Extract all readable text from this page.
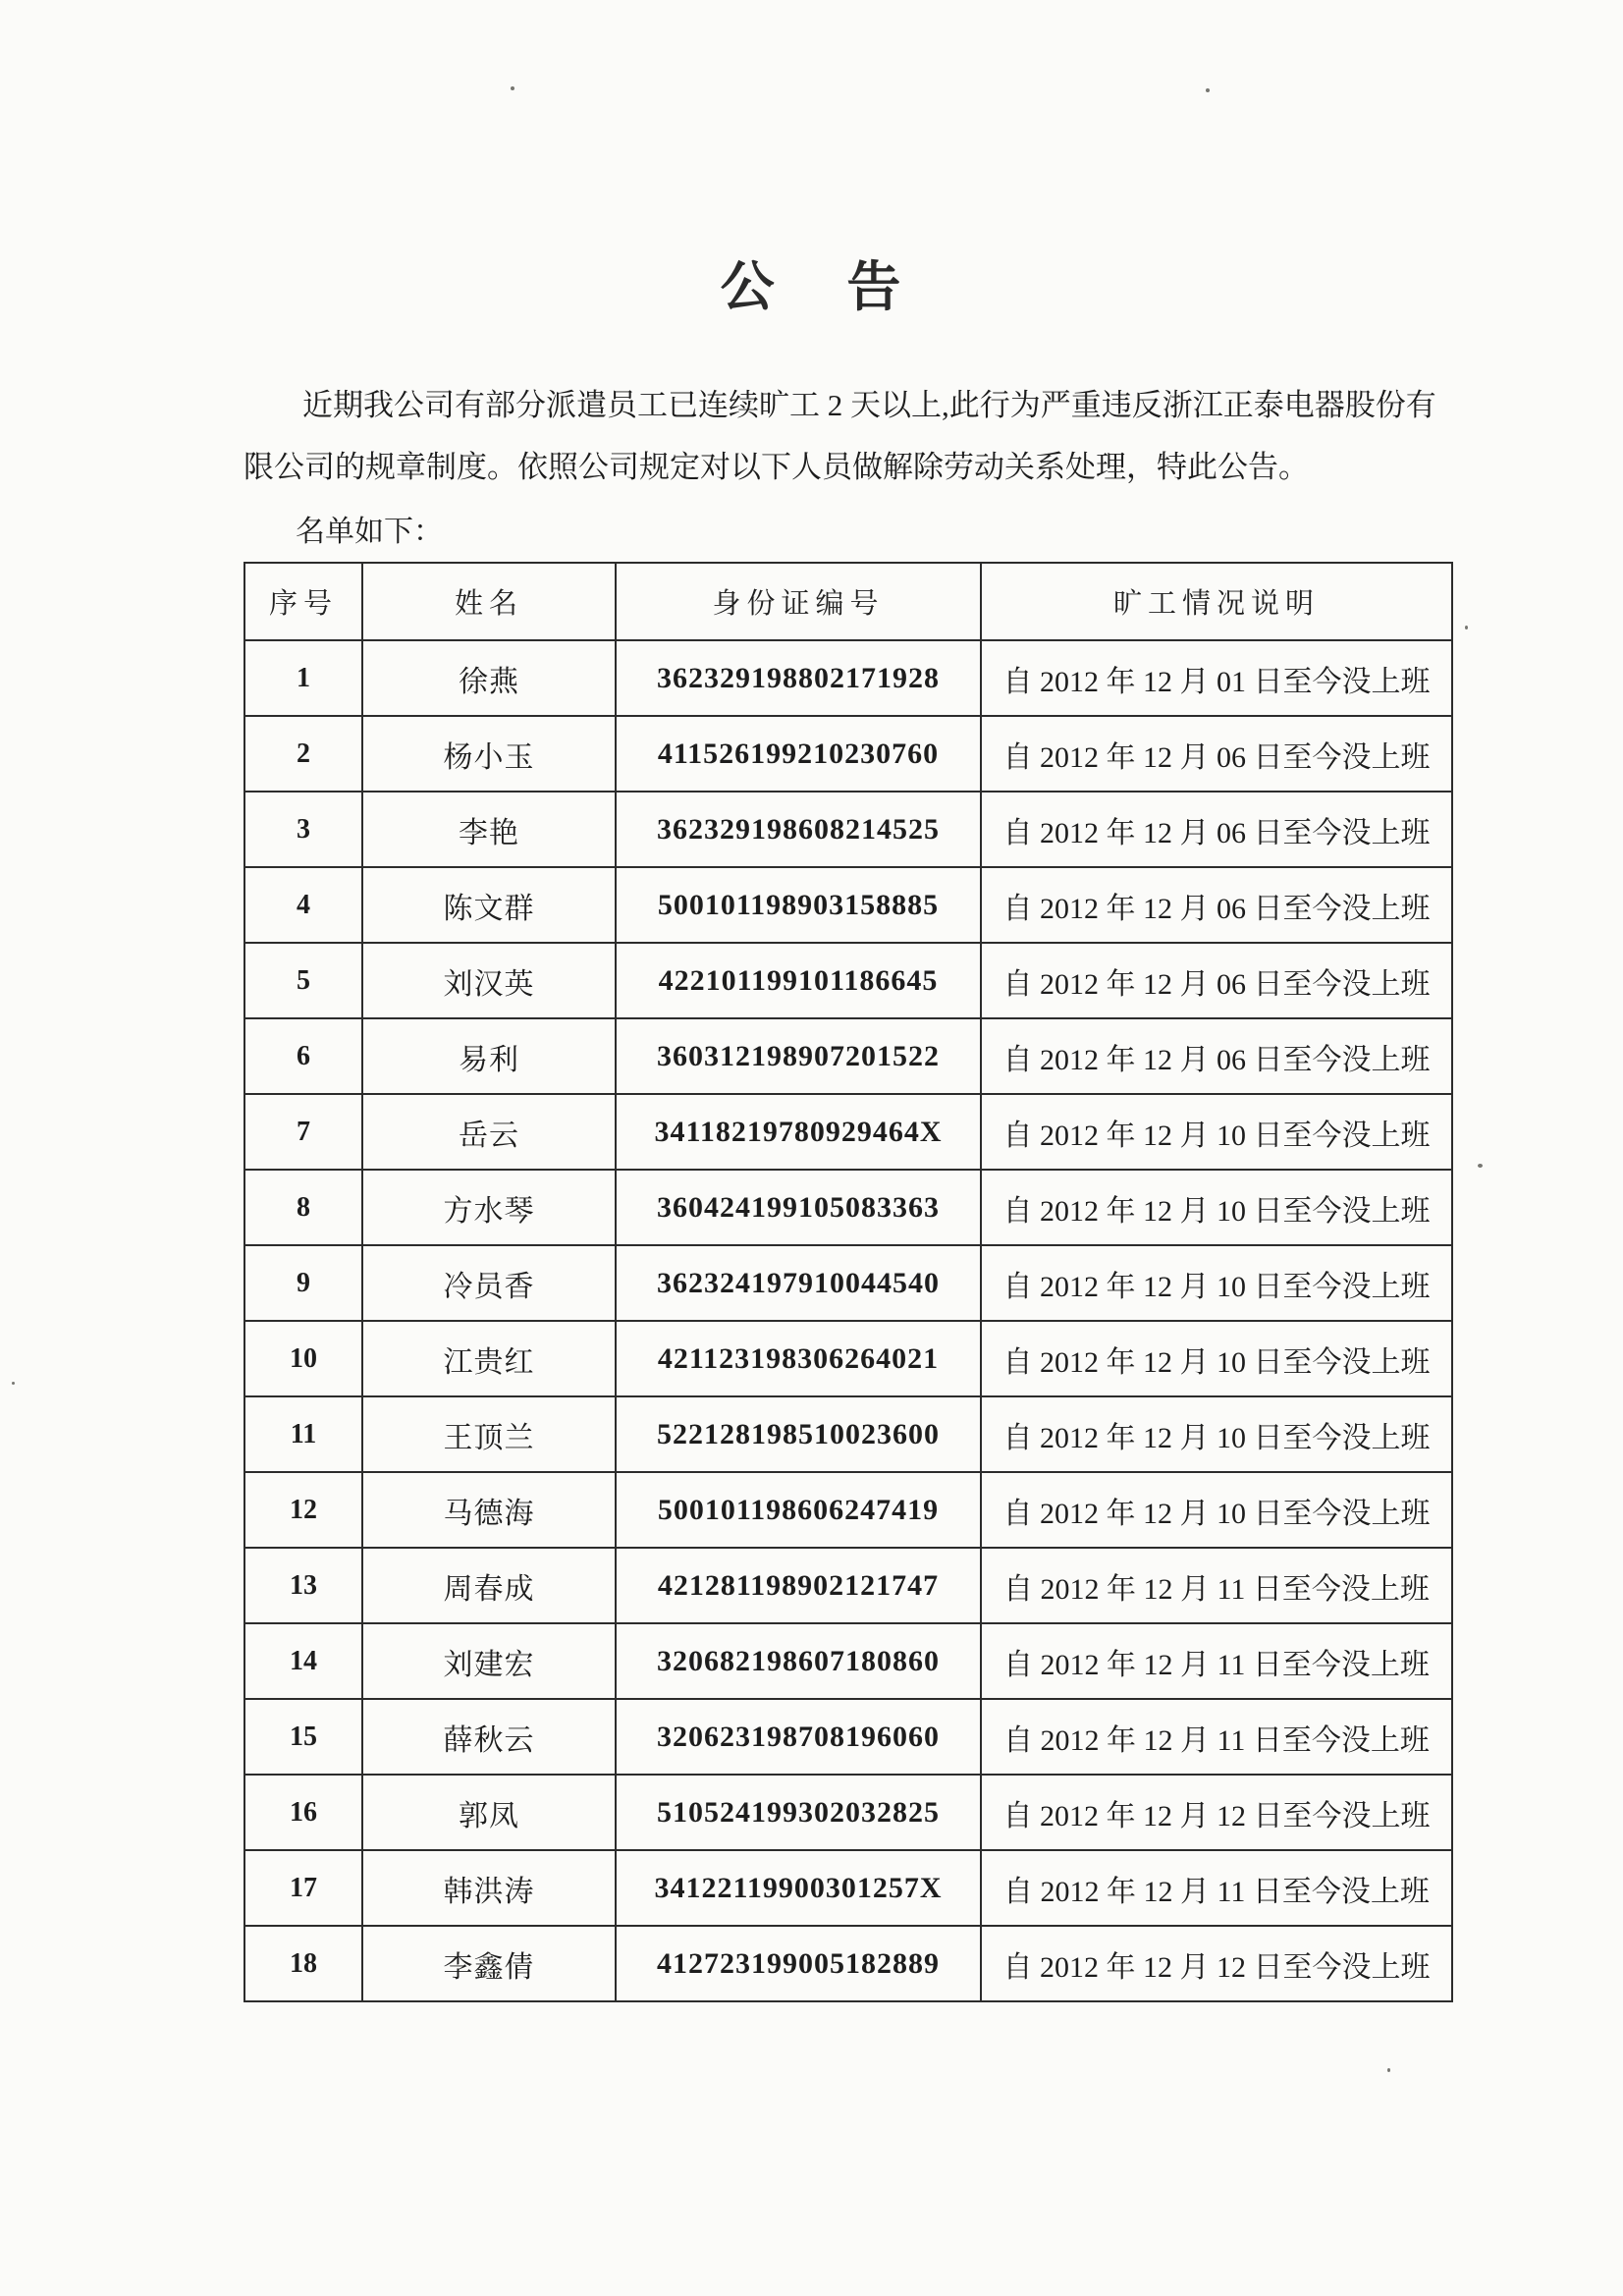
公 告
近期我公司有部分派遣员工已连续旷工 2 天以上,此行为严重违反浙江正泰电器股份有
限公司的规章制度。依照公司规定对以下人员做解除劳动关系处理，特此公告。
名单如下：
序号	姓名	身份证编号	旷工情况说明
1	徐燕	362329198802171928	自 2012 年 12 月 01 日至今没上班
2	杨小玉	411526199210230760	自 2012 年 12 月 06 日至今没上班
3	李艳	362329198608214525	自 2012 年 12 月 06 日至今没上班
4	陈文群	500101198903158885	自 2012 年 12 月 06 日至今没上班
5	刘汉英	422101199101186645	自 2012 年 12 月 06 日至今没上班
6	易利	360312198907201522	自 2012 年 12 月 06 日至今没上班
7	岳云	34118219780929464X	自 2012 年 12 月 10 日至今没上班
8	方水琴	360424199105083363	自 2012 年 12 月 10 日至今没上班
9	冷员香	362324197910044540	自 2012 年 12 月 10 日至今没上班
10	江贵红	421123198306264021	自 2012 年 12 月 10 日至今没上班
11	王顶兰	522128198510023600	自 2012 年 12 月 10 日至今没上班
12	马德海	500101198606247419	自 2012 年 12 月 10 日至今没上班
13	周春成	421281198902121747	自 2012 年 12 月 11 日至今没上班
14	刘建宏	320682198607180860	自 2012 年 12 月 11 日至今没上班
15	薛秋云	320623198708196060	自 2012 年 12 月 11 日至今没上班
16	郭凤	510524199302032825	自 2012 年 12 月 12 日至今没上班
17	韩洪涛	34122119900301257X	自 2012 年 12 月 11 日至今没上班
18	李鑫倩	412723199005182889	自 2012 年 12 月 12 日至今没上班
